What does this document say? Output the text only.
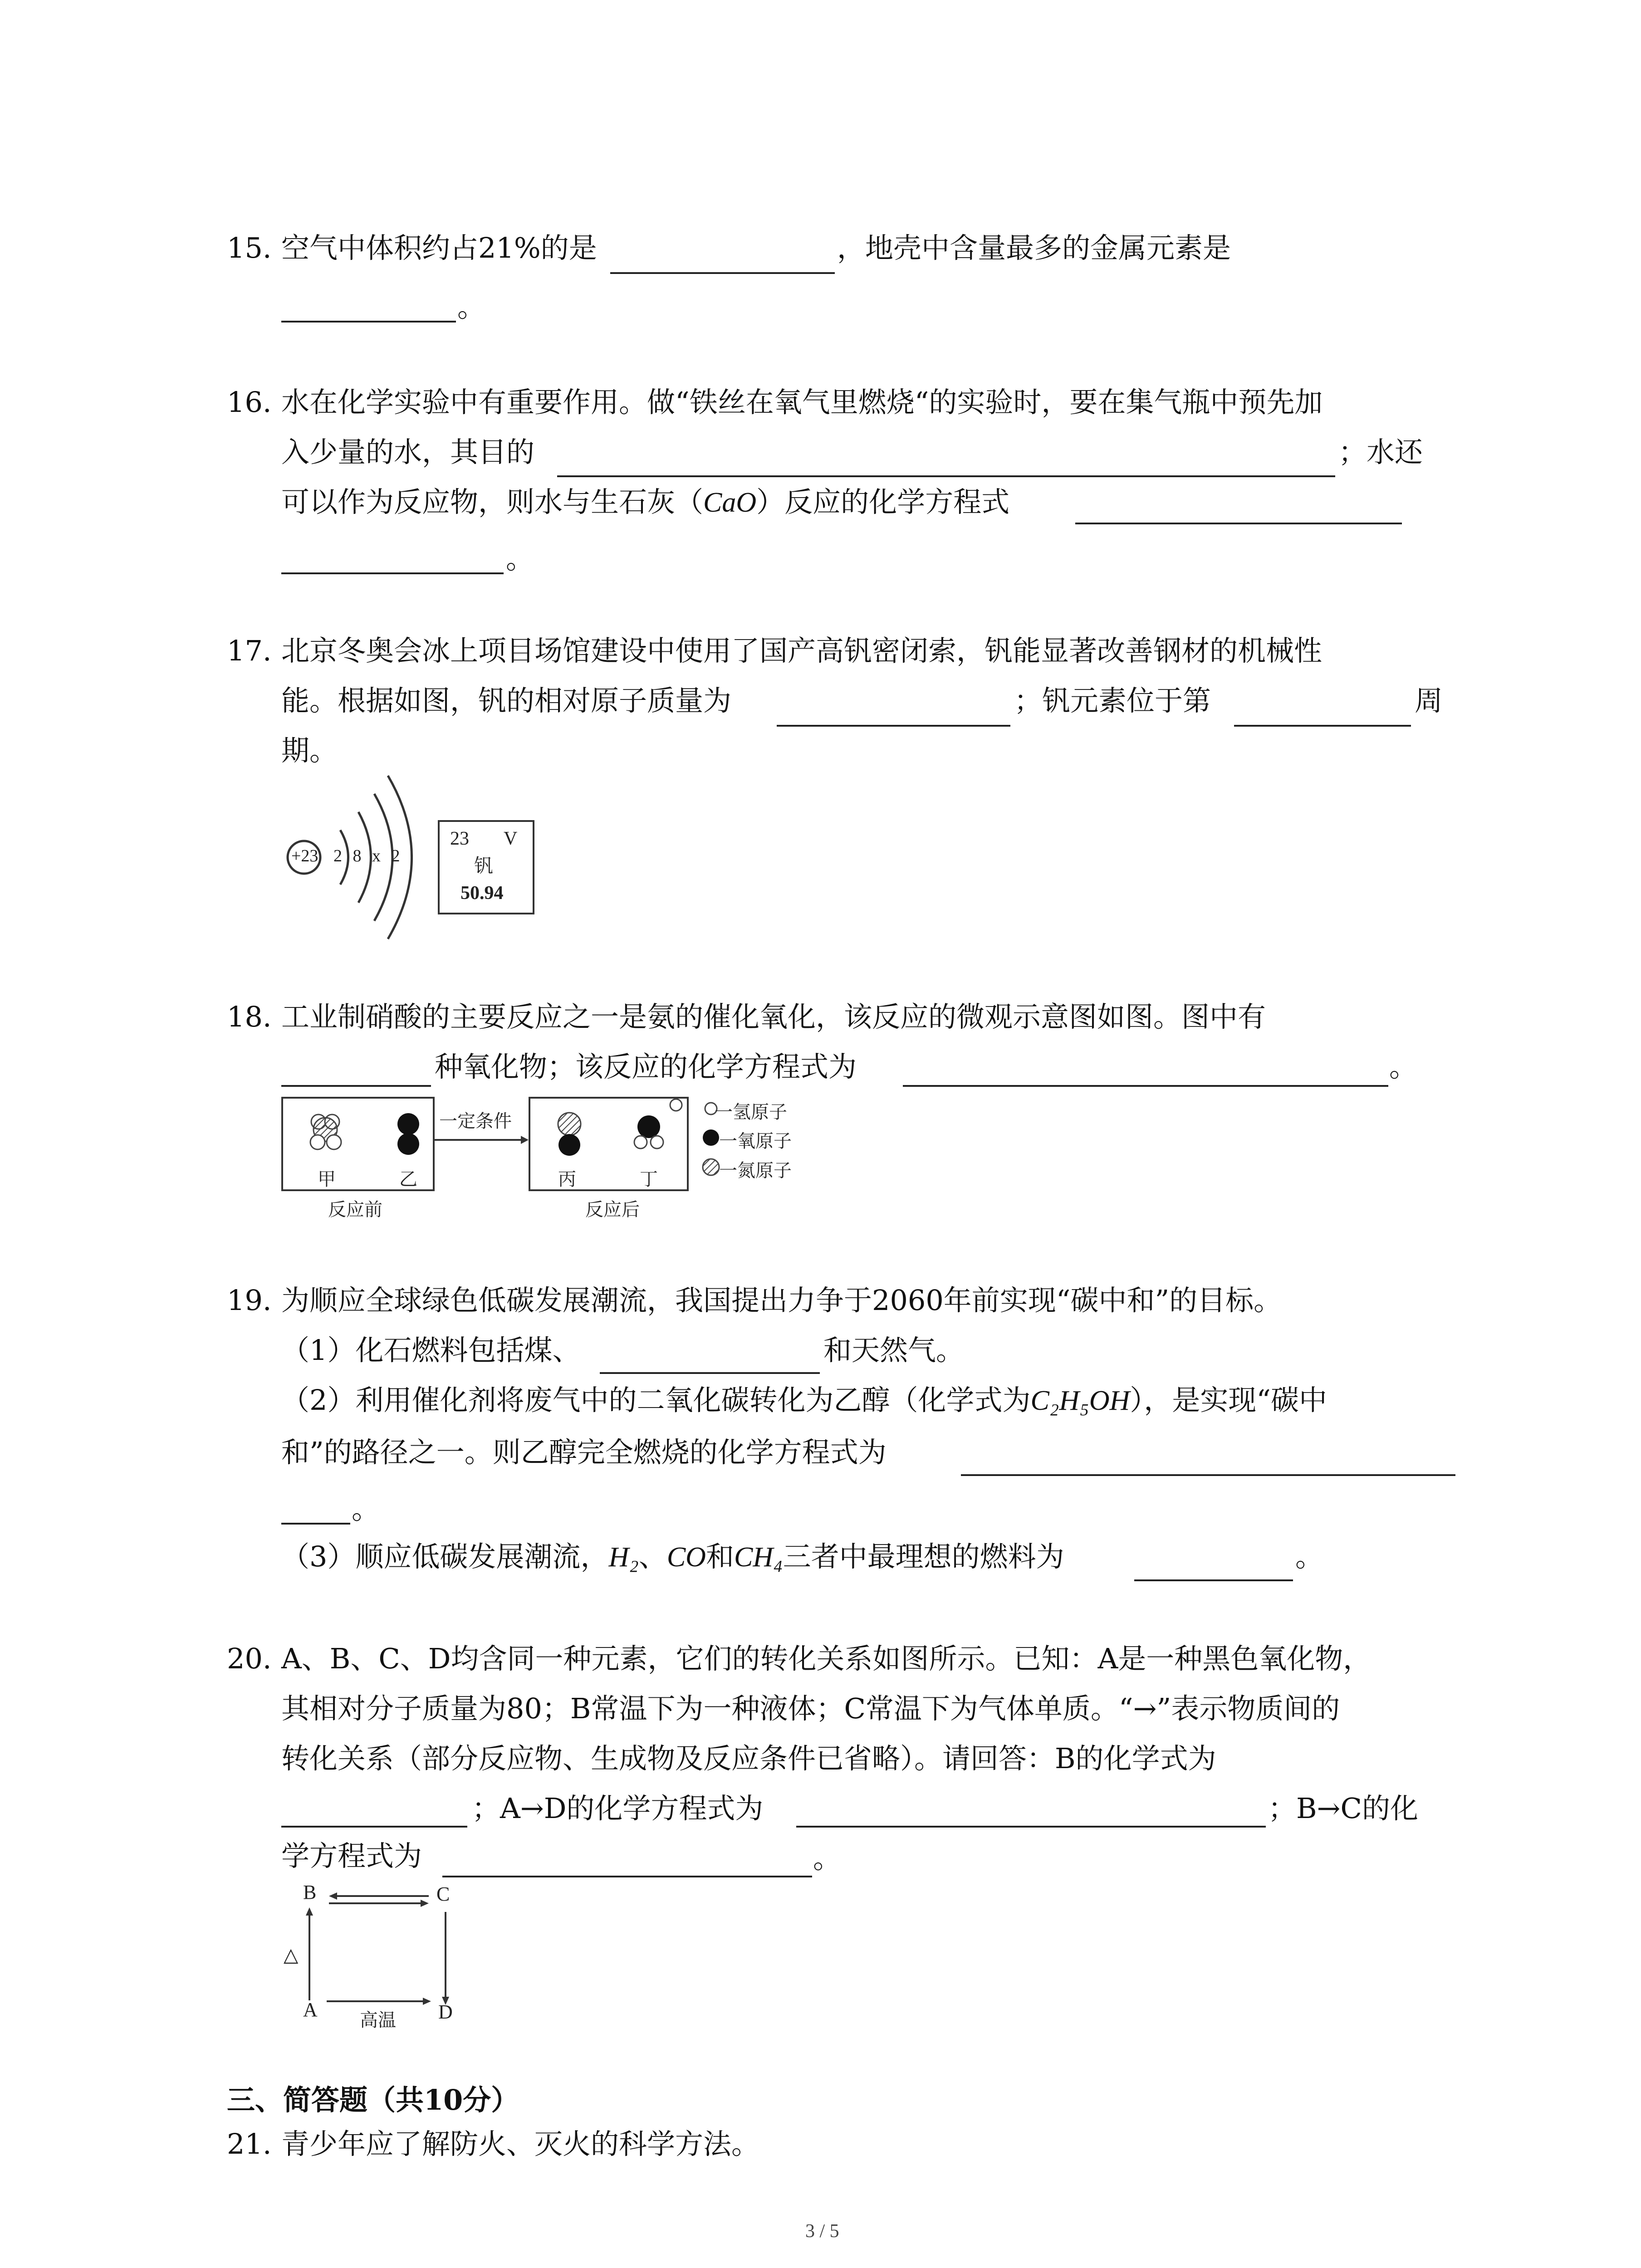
15. 空气中体积约占21%的是	，地壳中含量最多的金属元素是
。
16. 水在化学实验中有重要作用。做“铁丝在氧气里燃烧“的实验时，要在集气瓶中预先加
入少量的水，其目的	；水还
可以作为反应物，则水与生石灰（CaO）反应的化学方程式
。
17. 北京冬奥会冰上项目场馆建设中使用了国产高钒密闭索，钒能显著改善钢材的机械性
能。根据如图，钒的相对原子质量为	；钒元素位于第	周
期。
+23 2 8 x 2
23 V
钒
50.94
18. 工业制硝酸的主要反应之一是氨的催化氧化，该反应的微观示意图如图。图中有
种氧化物；该反应的化学方程式为	。
一定条件
甲	乙	丙	丁
反应前	反应后
一氢原子
一氧原子
一氮原子
19. 为顺应全球绿色低碳发展潮流，我国提出力争于2060年前实现“碳中和”的目标。
（1）化石燃料包括煤、	和天然气。
（2）利用催化剂将废气中的二氧化碳转化为乙醇（化学式为C₂H₅OH），是实现“碳中
和”的路径之一。则乙醇完全燃烧的化学方程式为
。
（3）顺应低碳发展潮流，H₂、CO和CH₄三者中最理想的燃料为	。
20. A、B、C、D均含同一种元素，它们的转化关系如图所示。已知：A是一种黑色氧化物，
其相对分子质量为80；B常温下为一种液体；C常温下为气体单质。“→”表示物质间的
转化关系（部分反应物、生成物及反应条件已省略）。请回答：B的化学式为
；A→D的化学方程式为	；B→C的化
学方程式为	。
B	C
A	D
△
高温
三、简答题（共10分）
21. 青少年应了解防火、灭火的科学方法。
3 / 5
